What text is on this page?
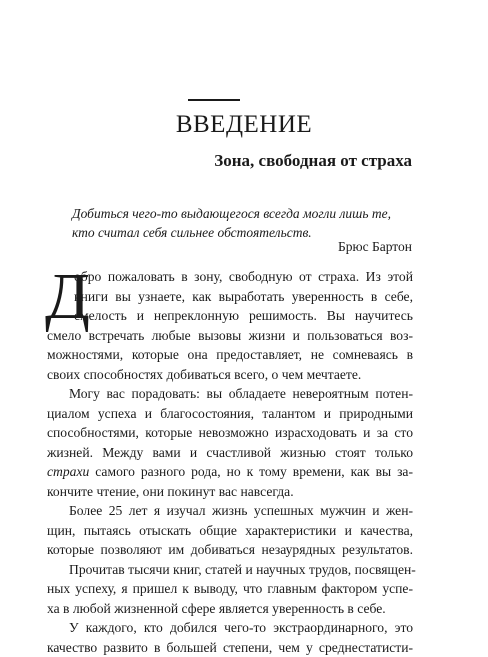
ВВЕДЕНИЕ
Зона, свободная от страха
Добиться чего-то выдающегося всегда могли лишь те,
кто считал себя сильнее обстоятельств.
Брюс Бартон
Д
обро пожаловать в зону, свободную от страха. Из этой
книги вы узнаете, как выработать уверенность в себе,
смелость и непреклонную решимость. Вы научитесь
смело встречать любые вызовы жизни и пользоваться воз-
можностями, которые она предоставляет, не сомневаясь в
своих способностях добиваться всего, о чем мечтаете.
Могу вас порадовать: вы обладаете невероятным потен-
циалом успеха и благосостояния, талантом и природными
способностями, которые невозможно израсходовать и за сто
жизней. Между вами и счастливой жизнью стоят только
страхи самого разного рода, но к тому времени, как вы за-
кончите чтение, они покинут вас навсегда.
Более 25 лет я изучал жизнь успешных мужчин и жен-
щин, пытаясь отыскать общие характеристики и качества,
которые позволяют им добиваться незаурядных результатов.
Прочитав тысячи книг, статей и научных трудов, посвящен-
ных успеху, я пришел к выводу, что главным фактором успе-
ха в любой жизненной сфере является уверенность в себе.
У каждого, кто добился чего-то экстраординарного, это
качество развито в большей степени, чем у среднестатисти-
